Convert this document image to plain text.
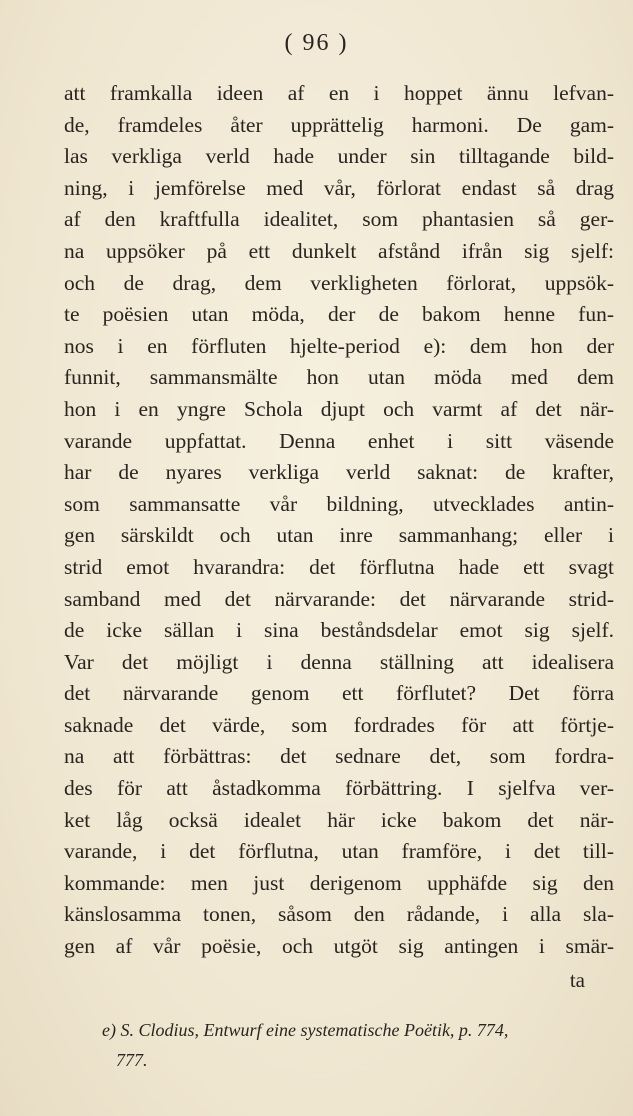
( 96 )
att framkalla ideen af en i hoppet ännu lefvan-
de, framdeles åter upprättelig harmoni. De gam-
las verkliga verld hade under sin tilltagande bild-
ning, i jemförelse med vår, förlorat endast så drag
af den kraftfulla idealitet, som phantasien så ger-
na uppsöker på ett dunkelt afstånd ifrån sig sjelf:
och de drag, dem verkligheten förlorat, uppsök-
te poësien utan möda, der de bakom henne fun-
nos i en förfluten hjelte-period e): dem hon der
funnit, sammansmälte hon utan möda med dem
hon i en yngre Schola djupt och varmt af det när-
varande uppfattat. Denna enhet i sitt väsende
har de nyares verkliga verld saknat: de krafter,
som sammansatte vår bildning, utvecklades antin-
gen särskildt och utan inre sammanhang; eller i
strid emot hvarandra: det förflutna hade ett svagt
samband med det närvarande: det närvarande strid-
de icke sällan i sina beståndsdelar emot sig sjelf.
Var det möjligt i denna ställning att idealisera
det närvarande genom ett förflutet? Det förra
saknade det värde, som fordrades för att förtje-
na att förbättras: det sednare det, som fordra-
des för att åstadkomma förbättring. I sjelfva ver-
ket låg ocksä idealet här icke bakom det när-
varande, i det förflutna, utan framföre, i det till-
kommande: men just derigenom upphäfde sig den
känslosamma tonen, såsom den rådande, i alla sla-
gen af vår poësie, och utgöt sig antingen i smär-
ta
e) S. Clodius, Entwurf eine systematische Poëtik, p. 774,
777.
